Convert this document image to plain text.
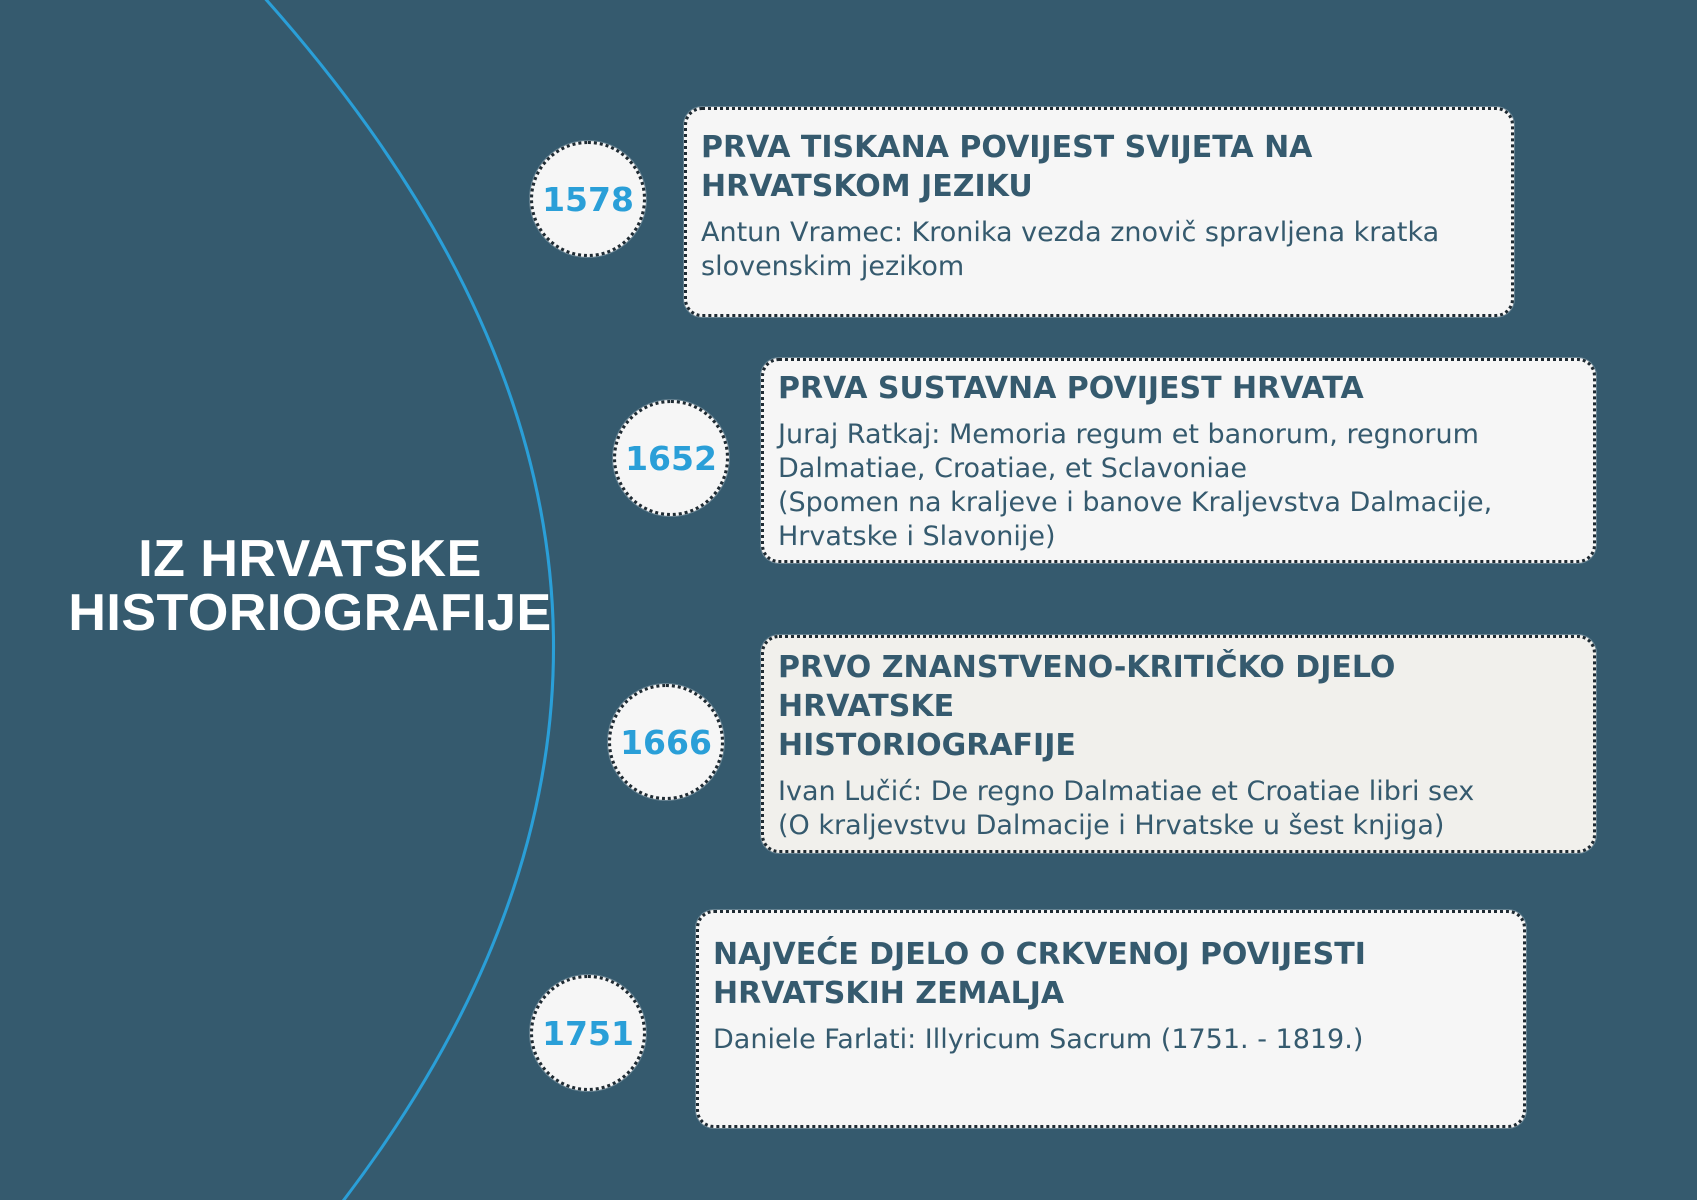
IZ HRVATSKE
HISTORIOGRAFIJE
1578

PRVA TISKANA POVIJEST SVIJETA NA
HRVATSKOM JEZIKU

Antun Vramec: Kronika vezda znovič spravljena kratka
slovenskim jezikom

1652

PRVA SUSTAVNA POVIJEST HRVATA

Juraj Ratkaj: Memoria regum et banorum, regnorum
Dalmatiae, Croatiae, et Sclavoniae
(Spomen na kraljeve i banove Kraljevstva Dalmacije,
Hrvatske i Slavonije)

1666

PRVO ZNANSTVENO-KRITIČKO DJELO HRVATSKE
HISTORIOGRAFIJE

Ivan Lučić: De regno Dalmatiae et Croatiae libri sex
(O kraljevstvu Dalmacije i Hrvatske u šest knjiga)

1751

NAJVEĆE DJELO O CRKVENOJ POVIJESTI
HRVATSKIH ZEMALJA

Daniele Farlati: Illyricum Sacrum (1751. - 1819.)
